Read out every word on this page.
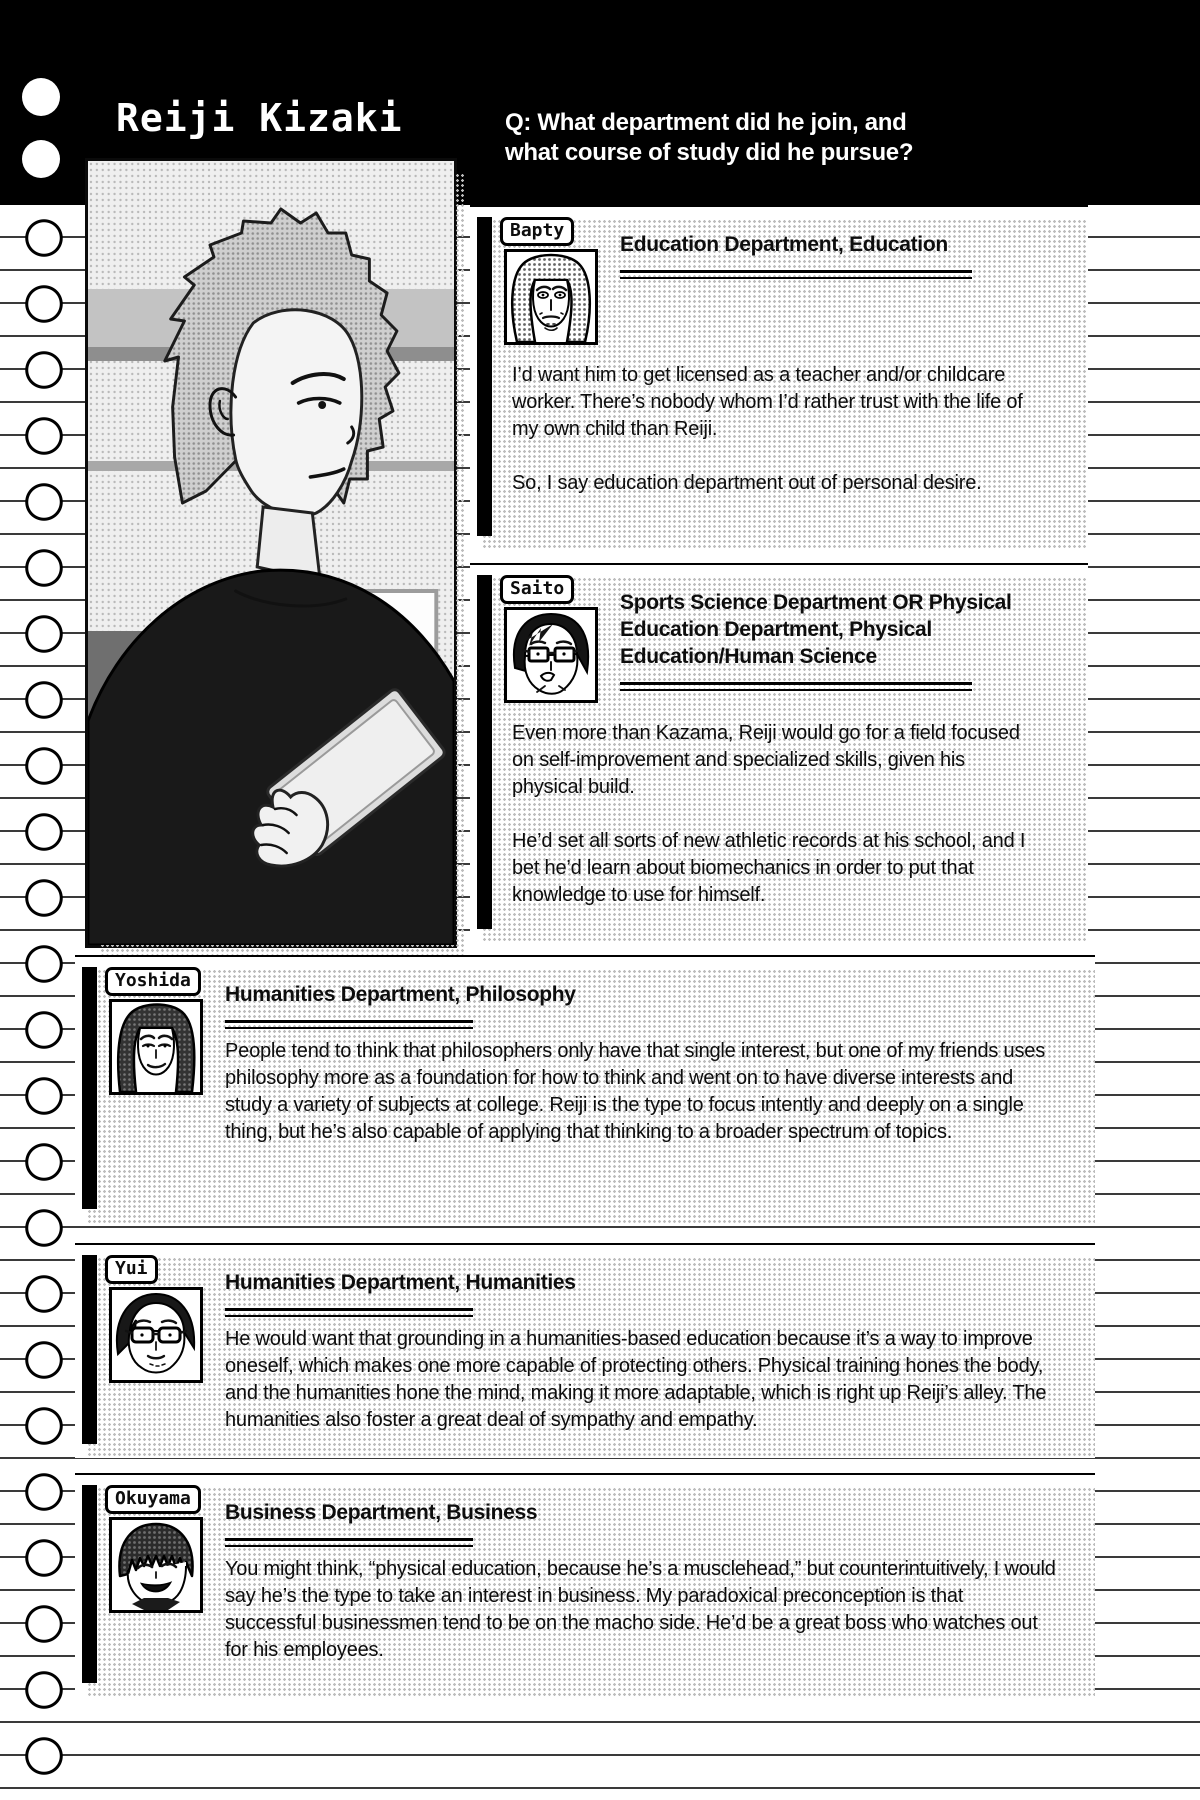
Reiji Kizaki	Q: What department did he join, and
what course of study did he pursue?
Bapty
Education Department, Education

I’d want him to get licensed as a teacher and/or childcare worker. There’s nobody whom I’d rather trust with the life of my own child than Reiji.

So, I say education department out of personal desire.

Saito
Sports Science Department OR Physical Education Department, Physical Education/Human Science

Even more than Kazama, Reiji would go for a field focused on self-improvement and specialized skills, given his physical build.

He’d set all sorts of new athletic records at his school, and I bet he’d learn about biomechanics in order to put that knowledge to use for himself.

Yoshida
Humanities Department, Philosophy

People tend to think that philosophers only have that single interest, but one of my friends uses philosophy more as a foundation for how to think and went on to have diverse interests and study a variety of subjects at college. Reiji is the type to focus intently and deeply on a single thing, but he’s also capable of applying that thinking to a broader spectrum of topics.

Yui
Humanities Department, Humanities

He would want that grounding in a humanities-based education because it’s a way to improve oneself, which makes one more capable of protecting others. Physical training hones the body, and the humanities hone the mind, making it more adaptable, which is right up Reiji’s alley. The humanities also foster a great deal of sympathy and empathy.

Okuyama
Business Department, Business

You might think, “physical education, because he’s a musclehead,” but counterintuitively, I would say he’s the type to take an interest in business. My paradoxical preconception is that successful businessmen tend to be on the macho side. He’d be a great boss who watches out for his employees.
